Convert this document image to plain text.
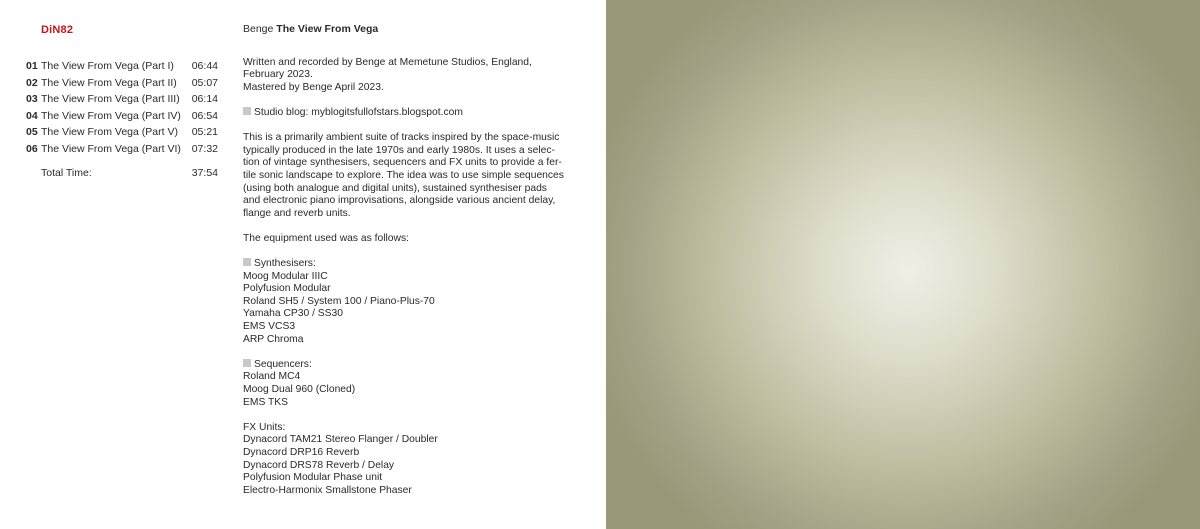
DiN82
01 The View From Vega (Part I) 06:44
02 The View From Vega (Part II) 05:07
03 The View From Vega (Part III) 06:14
04 The View From Vega (Part IV) 06:54
05 The View From Vega (Part V) 05:21
06 The View From Vega (Part VI) 07:32
Total Time:	37:54
Benge The View From Vega
Written and recorded by Benge at Memetune Studios, England,
February 2023.
Mastered by Benge April 2023.
Studio blog: myblogitsfullofstars.blogspot.com
This is a primarily ambient suite of tracks inspired by the space-music
typically produced in the late 1970s and early 1980s. It uses a selec-
tion of vintage synthesisers, sequencers and FX units to provide a fer-
tile sonic landscape to explore. The idea was to use simple sequences
(using both analogue and digital units), sustained synthesiser pads
and electronic piano improvisations, alongside various ancient delay,
flange and reverb units.
The equipment used was as follows:
Synthesisers:
Moog Modular IIIC
Polyfusion Modular
Roland SH5 / System 100 / Piano-Plus-70
Yamaha CP30 / SS30
EMS VCS3
ARP Chroma
Sequencers:
Roland MC4
Moog Dual 960 (Cloned)
EMS TKS
FX Units:
Dynacord TAM21 Stereo Flanger / Doubler
Dynacord DRP16 Reverb
Dynacord DRS78 Reverb / Delay
Polyfusion Modular Phase unit
Electro-Harmonix Smallstone Phaser
